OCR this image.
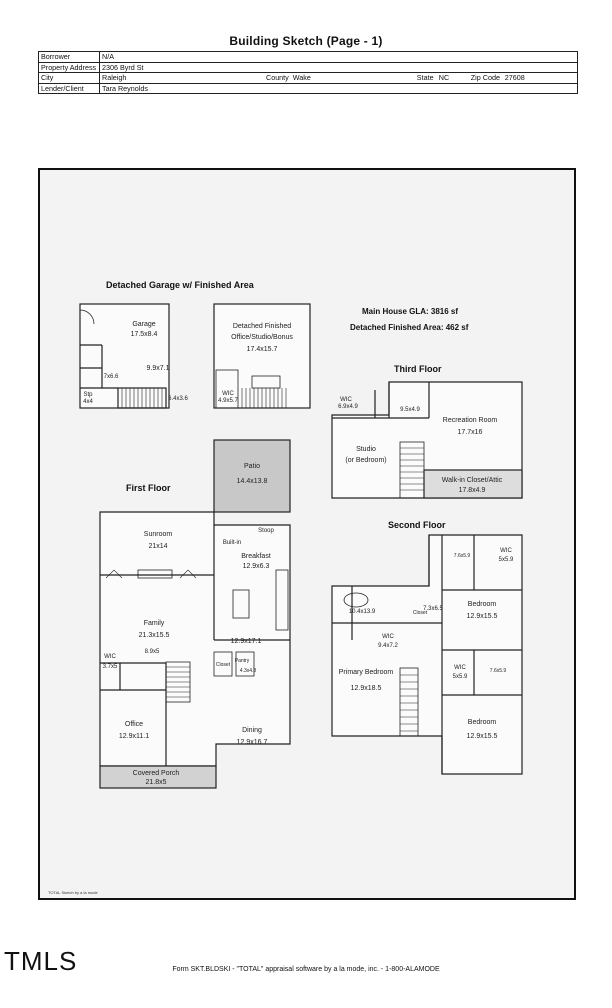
Building Sketch (Page - 1)
Borrower	N/A						
Property Address	2306 Byrd St						
City	Raleigh	County	Wake	State	NC	Zip Code	27608
Lender/Client	Tara Reynolds						
Detached Garage w/ Finished Area
Main House GLA: 3816 sf
Detached Finished Area: 462 sf
Third Floor
First Floor
Second Floor
Garage
17.5x8.4
9.9x7.1
7x6.6
Stp
4x4	6.4x3.6
Detached Finished
Office/Studio/Bonus
17.4x15.7
WIC
4.9x5.7	WIC
6.9x4.9	9.5x4.9
Recreation Room
17.7x16
Studio
(or Bedroom)
Walk-in Closet/Attic
17.8x4.9
Patio
14.4x13.8
Sunroom
21x14
Stoop
Built-in
Breakfast
12.9x6.3
Family
21.3x15.5
12.9x17.1
WIC
3.7x5
8.9x5
Closet
Pantry
4.3x4.8
Office
12.9x11.1
Dining
12.9x16.7
Covered Porch
21.8x5
7.6x5.9
WIC
5x5.9
10.4x13.9	7.3x6.5
Closet
WIC
9.4x7.2
Bedroom
12.9x15.5
WIC
5x5.9
7.6x5.9
Primary Bedroom
12.9x18.5
Bedroom
12.9x15.5
TOTAL Sketch by a la mode
TMLS	Form SKT.BLDSKI - "TOTAL" appraisal software by a la mode, inc. - 1-800-ALAMODE
